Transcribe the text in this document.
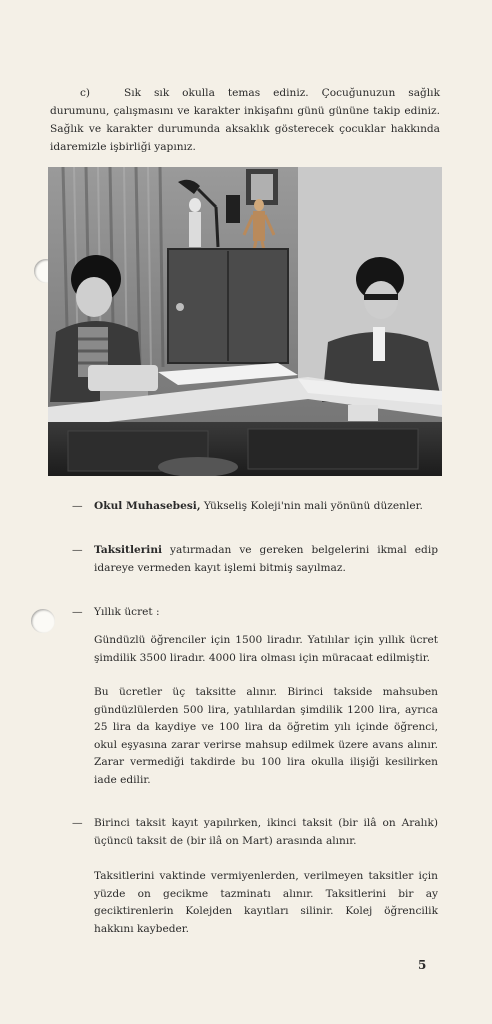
c)	Sık sık okulla temas ediniz. Çocuğunuzun sağlık durumunu, çalışmasını ve karakter inkişafını günü gününe takip ediniz. Sağlık ve karakter durumunda aksaklık gösterecek çocuklar hakkında idaremizle işbirliği yapınız.
— Okul Muhasebesi, Yükseliş Koleji'nin mali yönünü düzenler.
— Taksitlerini yatırmadan ve gereken belgelerini ikmal edip idareye vermeden kayıt işlemi bitmiş sayılmaz.
— Yıllık ücret :
Gündüzlü öğrenciler için 1500 liradır. Yatılılar için yıllık ücret şimdilik 3500 liradır. 4000 lira olması için müracaat edilmiştir.
Bu ücretler üç taksitte alınır. Birinci takside mahsuben gündüzlülerden 500 lira, yatılılardan şimdilik 1200 lira, ayrıca 25 lira da kaydiye ve 100 lira da öğretim yılı içinde öğrenci, okul eşyasına zarar verirse mahsup edilmek üzere avans alınır. Zarar vermediği takdirde bu 100 lira okulla ilişiği kesilirken iade edilir.
— Birinci taksit kayıt yapılırken, ikinci taksit (bir ilâ on Aralık) üçüncü taksit de (bir ilâ on Mart) arasında alınır.
Taksitlerini vaktinde vermiyenlerden, verilmeyen taksitler için yüzde on gecikme tazminatı alınır. Taksitlerini bir ay geciktirenlerin Kolejden kayıtları silinir. Kolej öğrencilik hakkını kaybeder.
5
